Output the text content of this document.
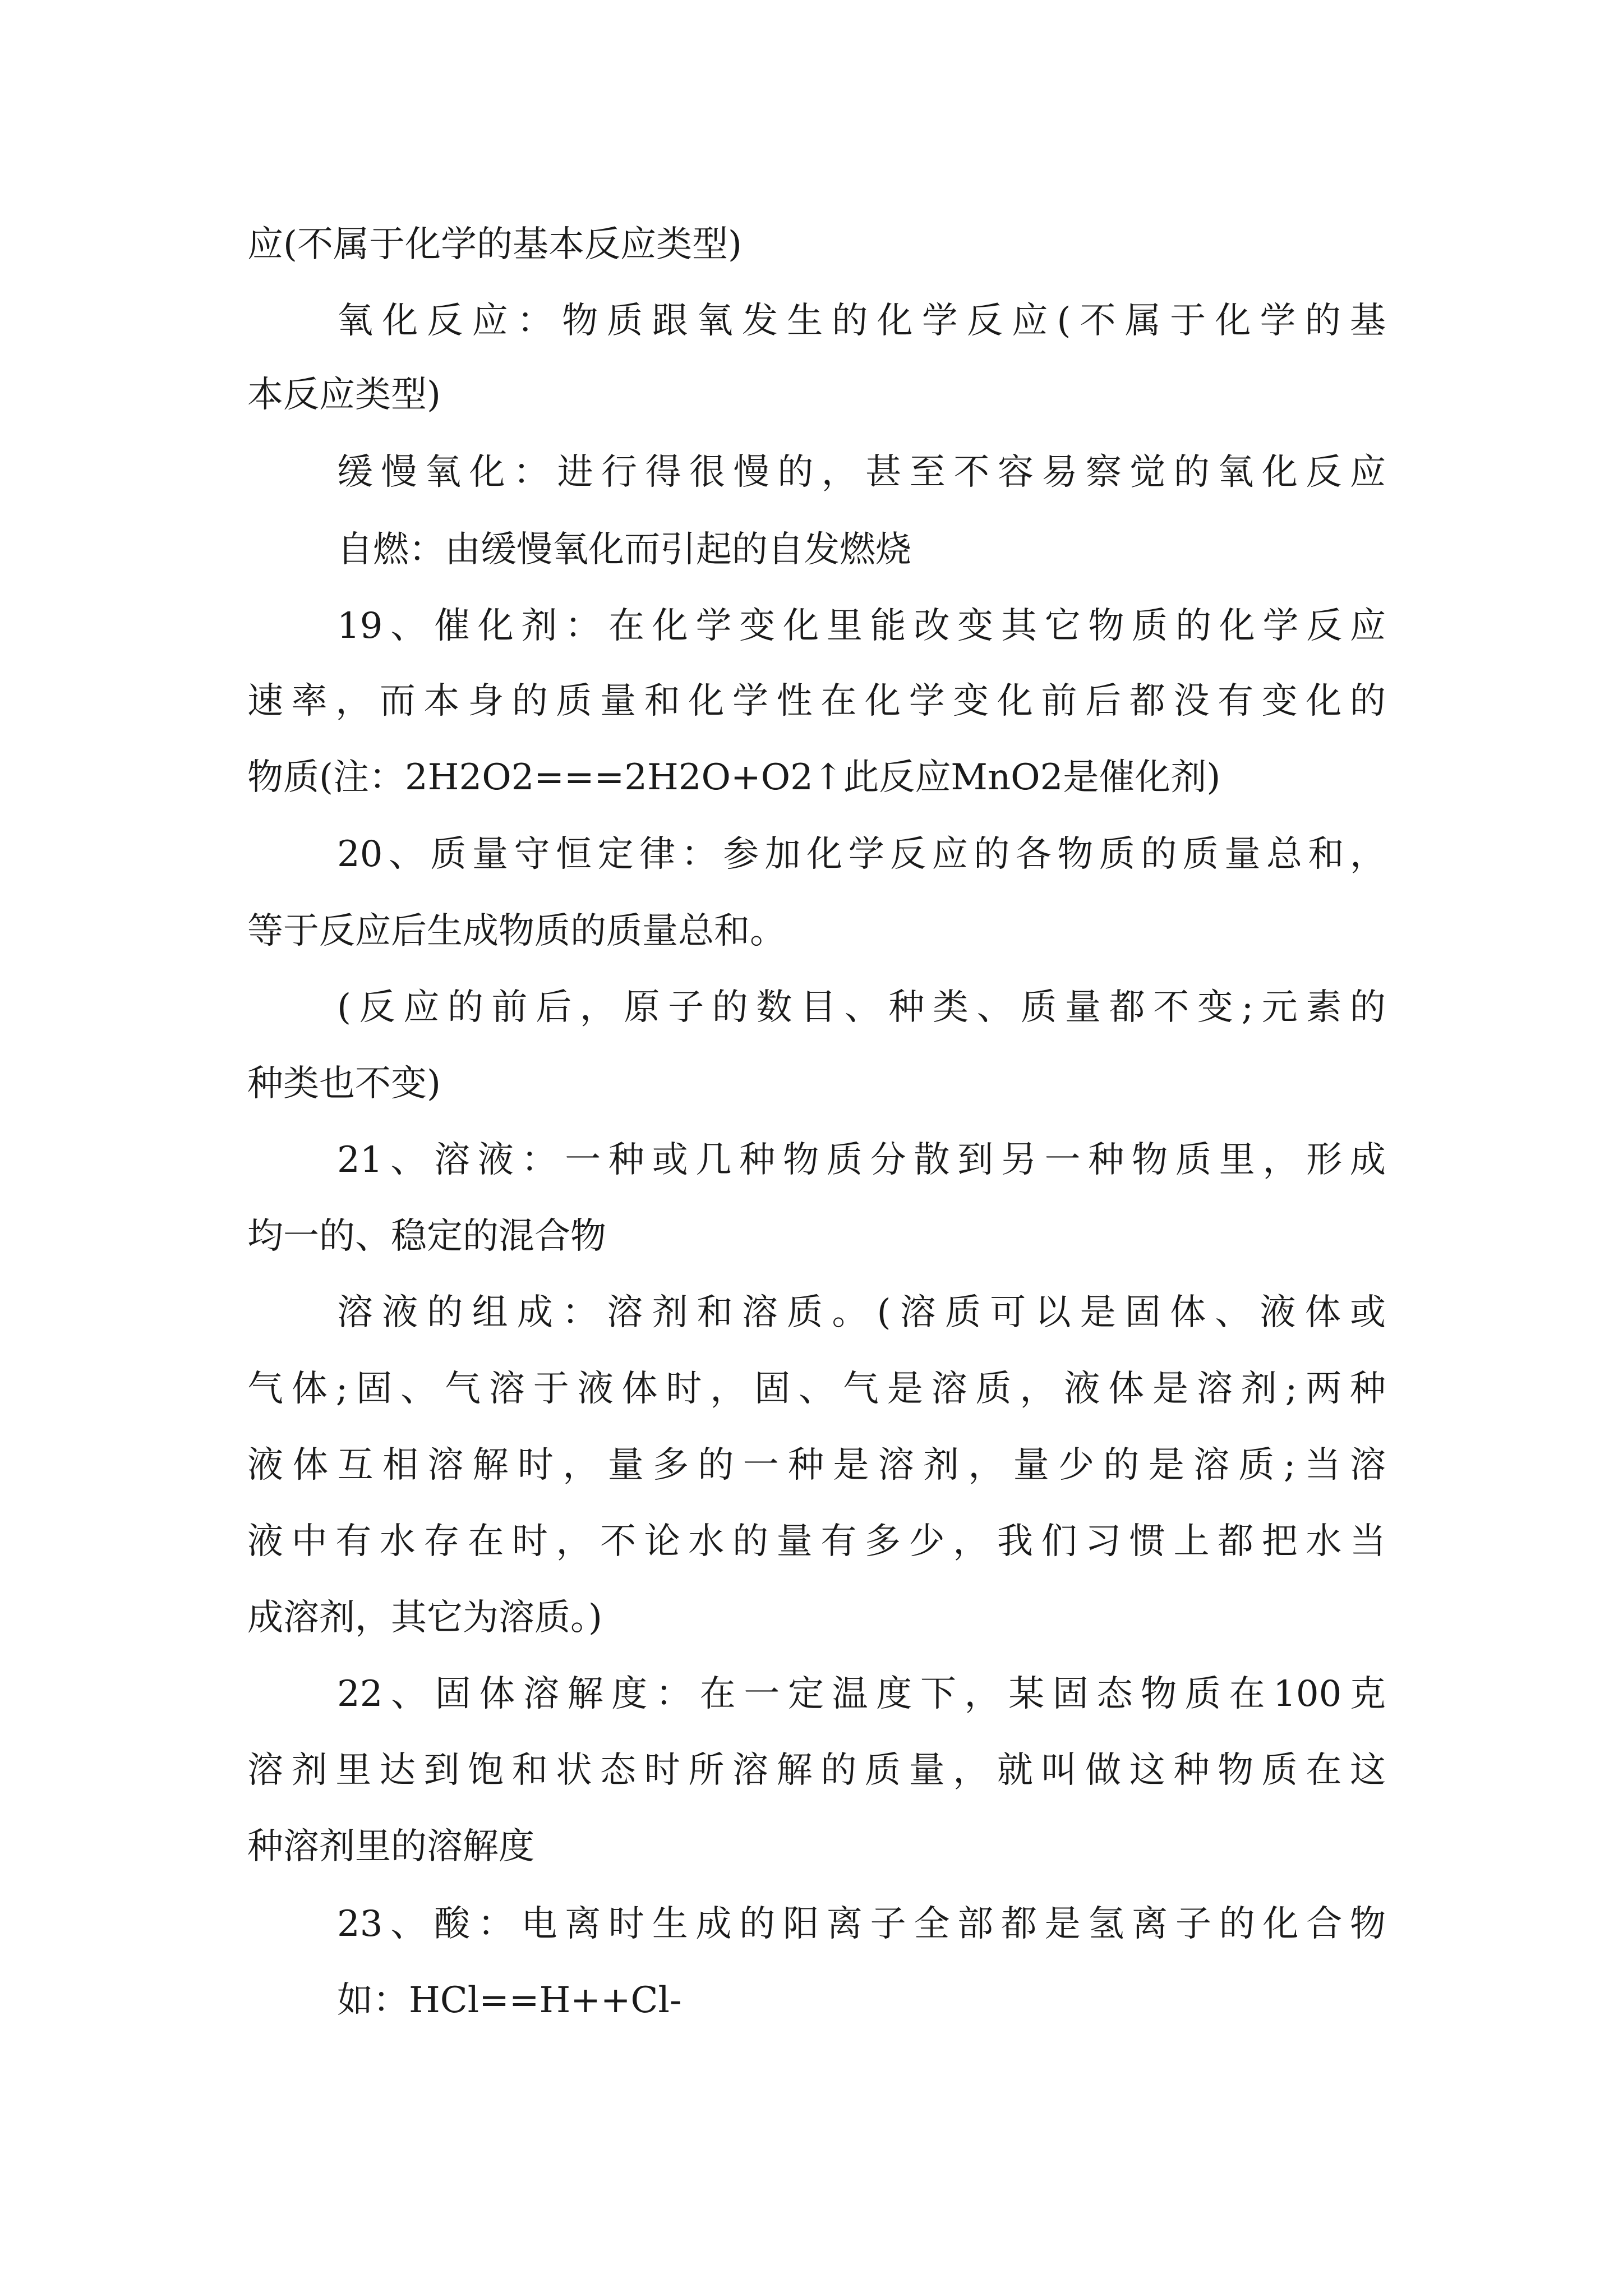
应(不属于化学的基本反应类型)
氧化反应：物质跟氧发生的化学反应(不属于化学的基
本反应类型)
缓慢氧化：进行得很慢的，甚至不容易察觉的氧化反应
自燃：由缓慢氧化而引起的自发燃烧
19、催化剂：在化学变化里能改变其它物质的化学反应
速率，而本身的质量和化学性在化学变化前后都没有变化的
物质(注：2H2O2===2H2O+O2↑此反应MnO2是催化剂)
20、质量守恒定律：参加化学反应的各物质的质量总和，
等于反应后生成物质的质量总和。
(反应的前后，原子的数目、种类、质量都不变;元素的
种类也不变)
21、溶液：一种或几种物质分散到另一种物质里，形成
均一的、稳定的混合物
溶液的组成：溶剂和溶质。(溶质可以是固体、液体或
气体;固、气溶于液体时，固、气是溶质，液体是溶剂;两种
液体互相溶解时，量多的一种是溶剂，量少的是溶质;当溶
液中有水存在时，不论水的量有多少，我们习惯上都把水当
成溶剂，其它为溶质。)
22、固体溶解度：在一定温度下，某固态物质在100克
溶剂里达到饱和状态时所溶解的质量，就叫做这种物质在这
种溶剂里的溶解度
23、酸：电离时生成的阳离子全部都是氢离子的化合物
如：HCl==H++Cl-
